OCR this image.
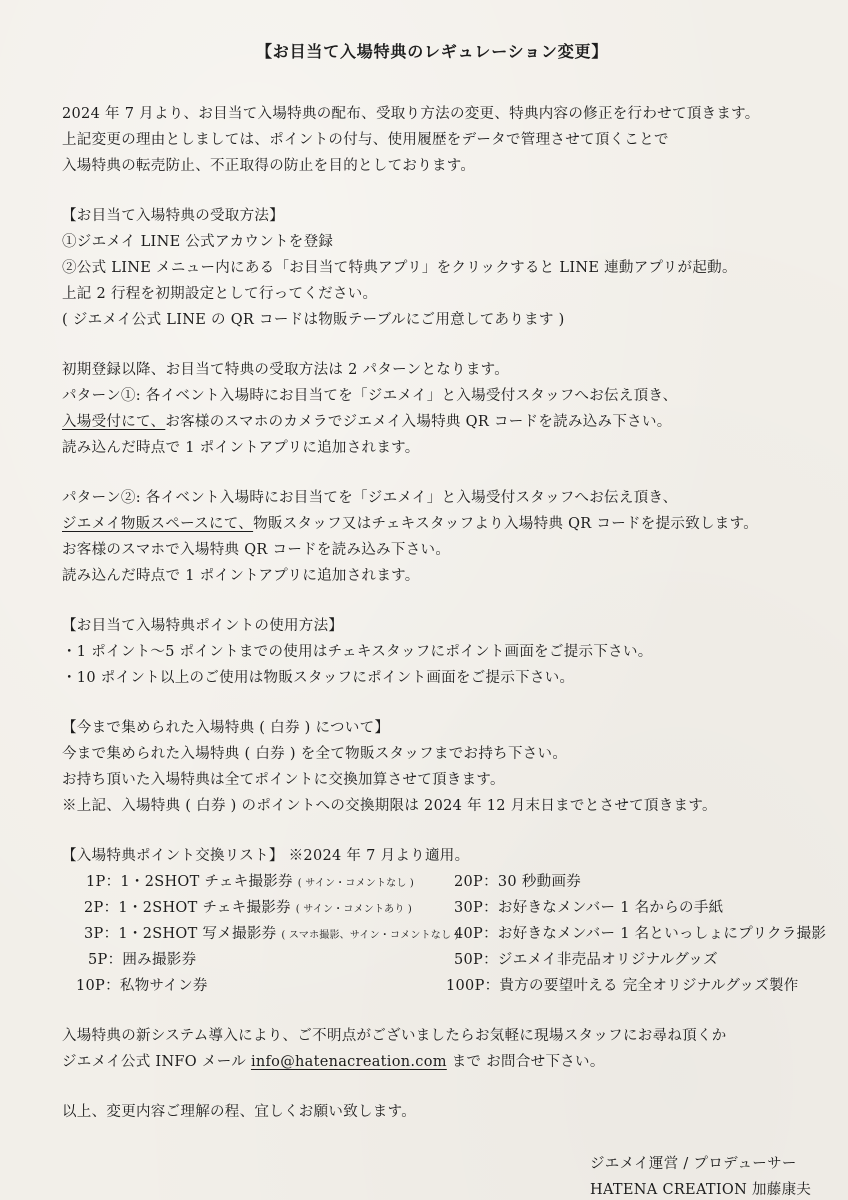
【お目当て入場特典のレギュレーション変更】
2024 年 7 月より、お目当て入場特典の配布、受取り方法の変更、特典内容の修正を行わせて頂きます。
上記変更の理由としましては、ポイントの付与、使用履歴をデータで管理させて頂くことで
入場特典の転売防止、不正取得の防止を目的としております。
【お目当て入場特典の受取方法】
①ジエメイ LINE 公式アカウントを登録
②公式 LINE メニュー内にある「お目当て特典アプリ」をクリックすると LINE 連動アプリが起動。
上記 2 行程を初期設定として行ってください。
( ジエメイ公式 LINE の QR コードは物販テーブルにご用意してあります )
初期登録以降、お目当て特典の受取方法は 2 パターンとなります。
パターン①: 各イベント入場時にお目当てを「ジエメイ」と入場受付スタッフへお伝え頂き、
入場受付にて、お客様のスマホのカメラでジエメイ入場特典 QR コードを読み込み下さい。
読み込んだ時点で 1 ポイントアプリに追加されます。
パターン②: 各イベント入場時にお目当てを「ジエメイ」と入場受付スタッフへお伝え頂き、
ジエメイ物販スペースにて、物販スタッフ又はチェキスタッフより入場特典 QR コードを提示致します。
お客様のスマホで入場特典 QR コードを読み込み下さい。
読み込んだ時点で 1 ポイントアプリに追加されます。
【お目当て入場特典ポイントの使用方法】
・1 ポイント～5 ポイントまでの使用はチェキスタッフにポイント画面をご提示下さい。
・10 ポイント以上のご使用は物販スタッフにポイント画面をご提示下さい。
【今まで集められた入場特典 ( 白券 ) について】
今まで集められた入場特典 ( 白券 ) を全て物販スタッフまでお持ち下さい。
お持ち頂いた入場特典は全てポイントに交換加算させて頂きます。
※上記、入場特典 ( 白券 ) のポイントへの交換期限は 2024 年 12 月末日までとさせて頂きます。
【入場特典ポイント交換リスト】 ※2024 年 7 月より適用。
1P：1・2SHOT チェキ撮影券 ( サイン・コメントなし )
2P：1・2SHOT チェキ撮影券 ( サイン・コメントあり )
3P：1・2SHOT 写メ撮影券 ( スマホ撮影、サイン・コメントなし )
5P：囲み撮影券
10P：私物サイン券
20P：30 秒動画券
30P：お好きなメンバー 1 名からの手紙
40P：お好きなメンバー 1 名といっしょにプリクラ撮影
50P：ジエメイ非売品オリジナルグッズ
100P：貴方の要望叶える 完全オリジナルグッズ製作
入場特典の新システム導入により、ご不明点がございましたらお気軽に現場スタッフにお尋ね頂くか
ジエメイ公式 INFO メール info@hatenacreation.com まで お問合せ下さい。
以上、変更内容ご理解の程、宜しくお願い致します。
ジエメイ運営 / プロデューサー
HATENA CREATION 加藤康夫
